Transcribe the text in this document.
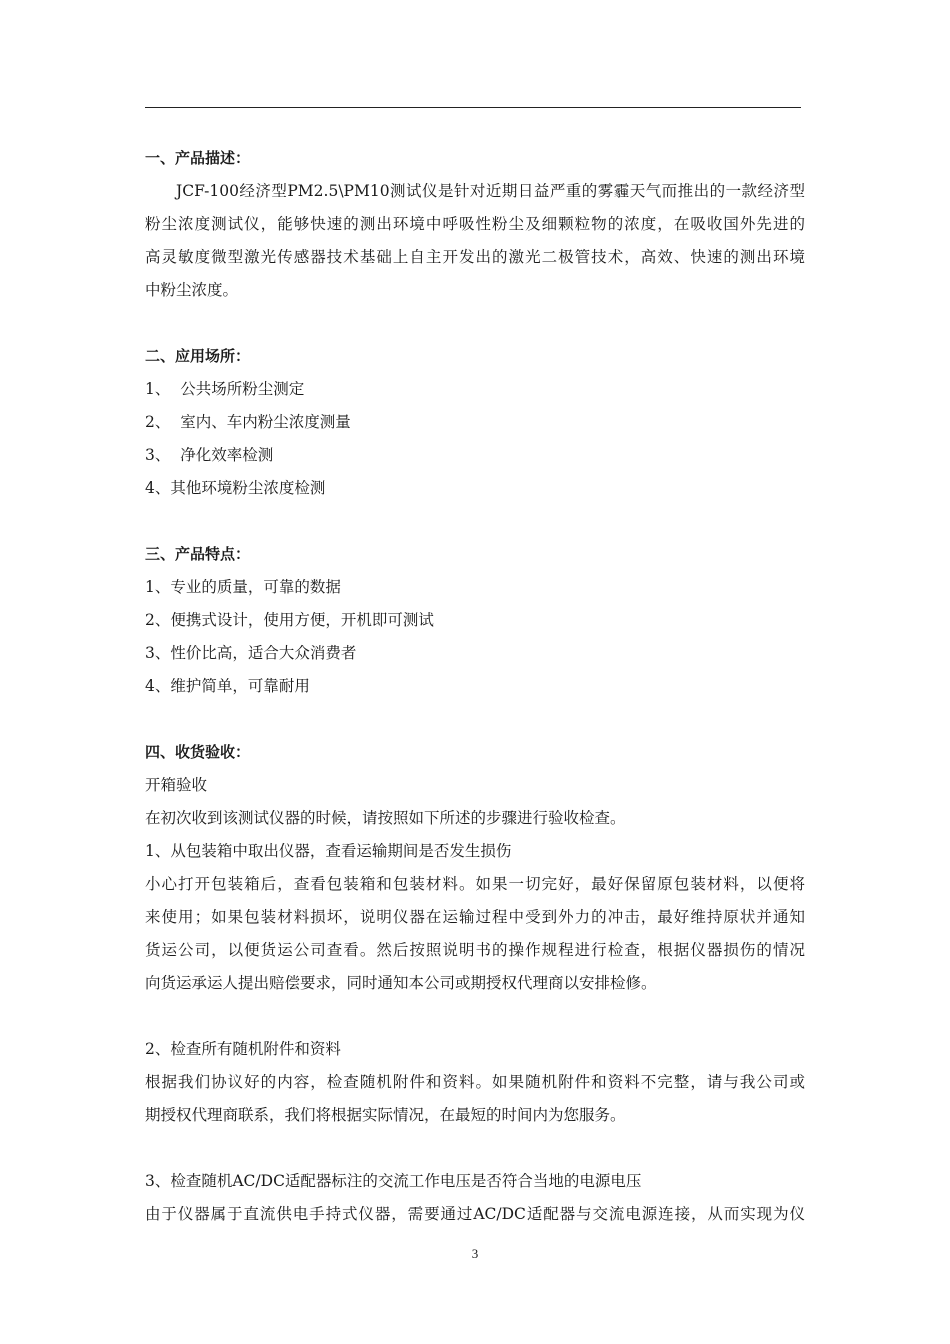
一、产品描述：
JCF-100经济型PM2.5\PM10测试仪是针对近期日益严重的雾霾天气而推出的一款经济型
粉尘浓度测试仪，能够快速的测出环境中呼吸性粉尘及细颗粒物的浓度，在吸收国外先进的
高灵敏度微型激光传感器技术基础上自主开发出的激光二极管技术，高效、快速的测出环境
中粉尘浓度。
二、应用场所：
1、  公共场所粉尘测定
2、  室内、车内粉尘浓度测量
3、  净化效率检测
4、其他环境粉尘浓度检测
三、产品特点：
1、专业的质量，可靠的数据
2、便携式设计，使用方便，开机即可测试
3、性价比高，适合大众消费者
4、维护简单，可靠耐用
四、收货验收：
开箱验收
在初次收到该测试仪器的时候，请按照如下所述的步骤进行验收检查。
1、从包装箱中取出仪器，查看运输期间是否发生损伤
小心打开包装箱后，查看包装箱和包装材料。如果一切完好，最好保留原包装材料，以便将
来使用；如果包装材料损坏，说明仪器在运输过程中受到外力的冲击，最好维持原状并通知
货运公司，以便货运公司查看。然后按照说明书的操作规程进行检查，根据仪器损伤的情况
向货运承运人提出赔偿要求，同时通知本公司或期授权代理商以安排检修。
2、检查所有随机附件和资料
根据我们协议好的内容，检查随机附件和资料。如果随机附件和资料不完整，请与我公司或
期授权代理商联系，我们将根据实际情况，在最短的时间内为您服务。
3、检查随机AC/DC适配器标注的交流工作电压是否符合当地的电源电压
由于仪器属于直流供电手持式仪器，需要通过AC/DC适配器与交流电源连接，从而实现为仪
3
